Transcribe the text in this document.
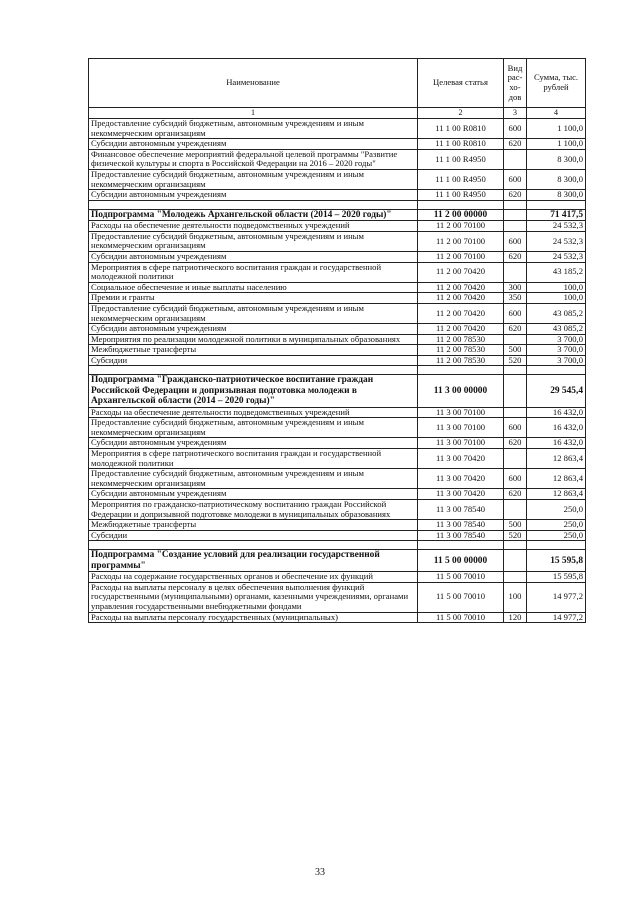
Наименование	Целевая статья	Вид рас-хо-дов	Сумма, тыс. рублей
1	2	3	4
Предоставление субсидий бюджетным, автономным учреждениям и иным некоммерческим организациям	11 1 00 R0810	600	1 100,0
Субсидии автономным учреждениям	11 1 00 R0810	620	1 100,0
Финансовое обеспечение мероприятий федеральной целевой программы "Развитие физической культуры и спорта в Российской Федерации на 2016 – 2020 годы"	11 1 00 R4950		8 300,0
Предоставление субсидий бюджетным, автономным учреждениям и иным некоммерческим организациям	11 1 00 R4950	600	8 300,0
Субсидии автономным учреждениям	11 1 00 R4950	620	8 300,0

Подпрограмма "Молодежь Архангельской области (2014 – 2020 годы)"	11 2 00 00000		71 417,5
Расходы на обеспечение деятельности подведомственных учреждений	11 2 00 70100		24 532,3
Предоставление субсидий бюджетным, автономным учреждениям и иным некоммерческим организациям	11 2 00 70100	600	24 532,3
Субсидии автономным учреждениям	11 2 00 70100	620	24 532,3
Мероприятия в сфере патриотического воспитания граждан и государственной молодежной политики	11 2 00 70420		43 185,2
Социальное обеспечение и иные выплаты населению	11 2 00 70420	300	100,0
Премии и гранты	11 2 00 70420	350	100,0
Предоставление субсидий бюджетным, автономным учреждениям и иным некоммерческим организациям	11 2 00 70420	600	43 085,2
Субсидии автономным учреждениям	11 2 00 70420	620	43 085,2
Мероприятия по реализации молодежной политики в муниципальных образованиях	11 2 00 78530		3 700,0
Межбюджетные трансферты	11 2 00 78530	500	3 700,0
Субсидии	11 2 00 78530	520	3 700,0

Подпрограмма "Гражданско-патриотическое воспитание граждан Российской Федерации и допризывная подготовка молодежи в Архангельской области (2014 – 2020 годы)"	11 3 00 00000		29 545,4
Расходы на обеспечение деятельности подведомственных учреждений	11 3 00 70100		16 432,0
Предоставление субсидий бюджетным, автономным учреждениям и иным некоммерческим организациям	11 3 00 70100	600	16 432,0
Субсидии автономным учреждениям	11 3 00 70100	620	16 432,0
Мероприятия в сфере патриотического воспитания граждан и государственной молодежной политики	11 3 00 70420		12 863,4
Предоставление субсидий бюджетным, автономным учреждениям и иным некоммерческим организациям	11 3 00 70420	600	12 863,4
Субсидии автономным учреждениям	11 3 00 70420	620	12 863,4
Мероприятия по гражданско-патриотическому воспитанию граждан Российской Федерации и допризывной подготовке молодежи в муниципальных образованиях	11 3 00 78540		250,0
Межбюджетные трансферты	11 3 00 78540	500	250,0
Субсидии	11 3 00 78540	520	250,0

Подпрограмма "Создание условий для реализации государственной программы"	11 5 00 00000		15 595,8
Расходы на содержание государственных органов и обеспечение их функций	11 5 00 70010		15 595,8
Расходы на выплаты персоналу в целях обеспечения выполнения функций государственными (муниципальными) органами, казенными учреждениями, органами управления государственными внебюджетными фондами	11 5 00 70010	100	14 977,2
Расходы на выплаты персоналу государственных (муниципальных)	11 5 00 70010	120	14 977,2
33
